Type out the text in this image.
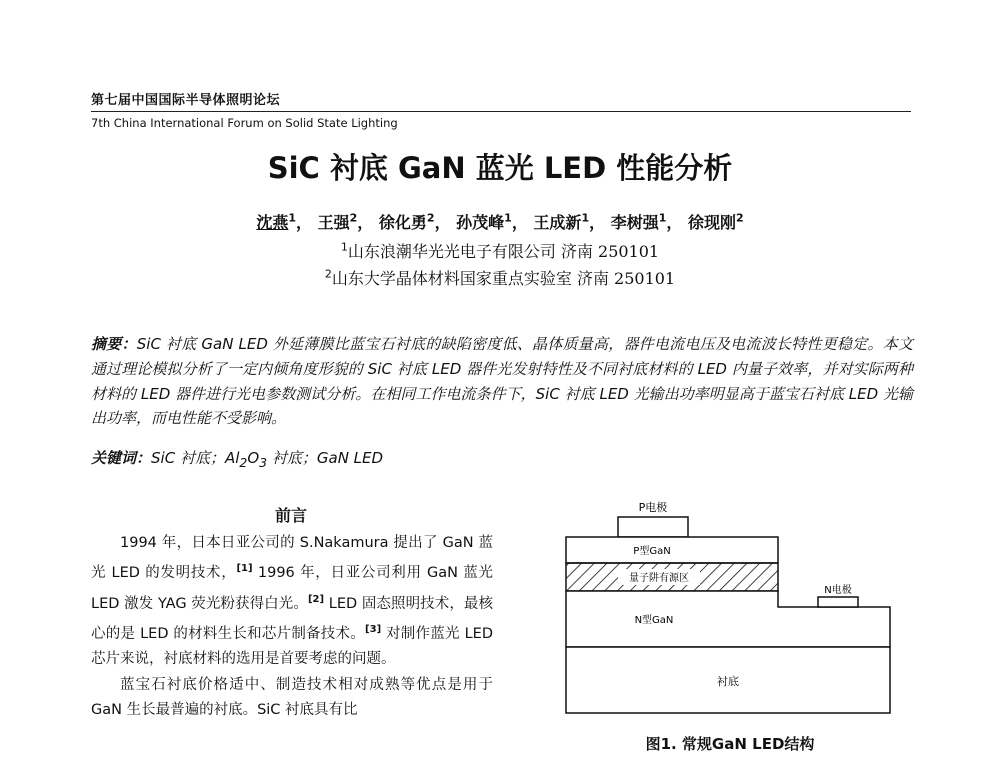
第七届中国国际半导体照明论坛
7th China International Forum on Solid State Lighting
SiC 衬底 GaN 蓝光 LED 性能分析
沈燕$^1$， 王强$^2$， 徐化勇$^2$， 孙茂峰$^1$， 王成新$^1$， 李树强$^1$， 徐现刚$^2$
$^1$山东浪潮华光光电子有限公司 济南 250101
$^2$山东大学晶体材料国家重点实验室 济南 250101
摘要：SiC 衬底 GaN LED 外延薄膜比蓝宝石衬底的缺陷密度低、晶体质量高，器件电流电压及电流波长特性更稳定。本文通过理论模拟分析了一定内倾角度形貌的 SiC 衬底 LED 器件光发射特性及不同衬底材料的 LED 内量子效率，并对实际两种材料的 LED 器件进行光电参数测试分析。在相同工作电流条件下，SiC 衬底 LED 光输出功率明显高于蓝宝石衬底 LED 光输出功率，而电性能不受影响。
关键词：SiC 衬底；$Al_2O_3$ 衬底；GaN LED
前言

1994 年，日本日亚公司的 S.Nakamura 提出了 GaN 蓝光 LED 的发明技术，[1] 1996 年，日亚公司利用 GaN 蓝光 LED 激发 YAG 荧光粉获得白光。[2] LED 固态照明技术，最核心的是 LED 的材料生长和芯片制备技术。[3] 对制作蓝光 LED 芯片来说，衬底材料的选用是首要考虑的问题。

蓝宝石衬底价格适中、制造技术相对成熟等优点是用于 GaN 生长最普遍的衬底。SiC 衬底具有比

P电极
P型GaN
量子阱有源区
N电极
N型GaN
衬底
图1. 常规GaN LED结构
